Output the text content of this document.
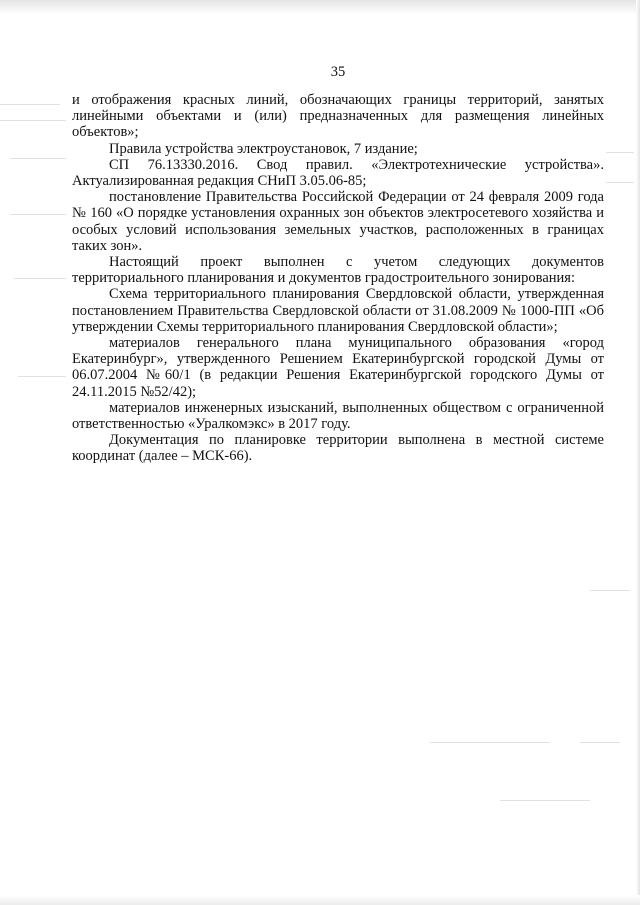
35

и отображения красных линий, обозначающих границы территорий, занятых линейными объектами и (или) предназначенных для размещения линейных объектов»;

Правила устройства электроустановок, 7 издание;

СП 76.13330.2016. Свод правил. «Электротехнические устройства». Актуализированная редакция СНиП 3.05.06-85;

постановление Правительства Российской Федерации от 24 февраля 2009 года № 160 «О порядке установления охранных зон объектов электросетевого хозяйства и особых условий использования земельных участков, расположенных в границах таких зон».

Настоящий проект выполнен с учетом следующих документов территориального планирования и документов градостроительного зонирования:

Схема территориального планирования Свердловской области, утвержденная постановлением Правительства Свердловской области от 31.08.2009 № 1000-ПП «Об утверждении Схемы территориального планирования Свердловской области»;

материалов генерального плана муниципального образования «город Екатеринбург», утвержденного Решением Екатеринбургской городской Думы от 06.07.2004 №60/1 (в редакции Решения Екатеринбургской городского Думы от 24.11.2015 №52/42);

материалов инженерных изысканий, выполненных обществом с ограниченной ответственностью «Уралкомэкс» в 2017 году.

Документация по планировке территории выполнена в местной системе координат (далее – МСК-66).
